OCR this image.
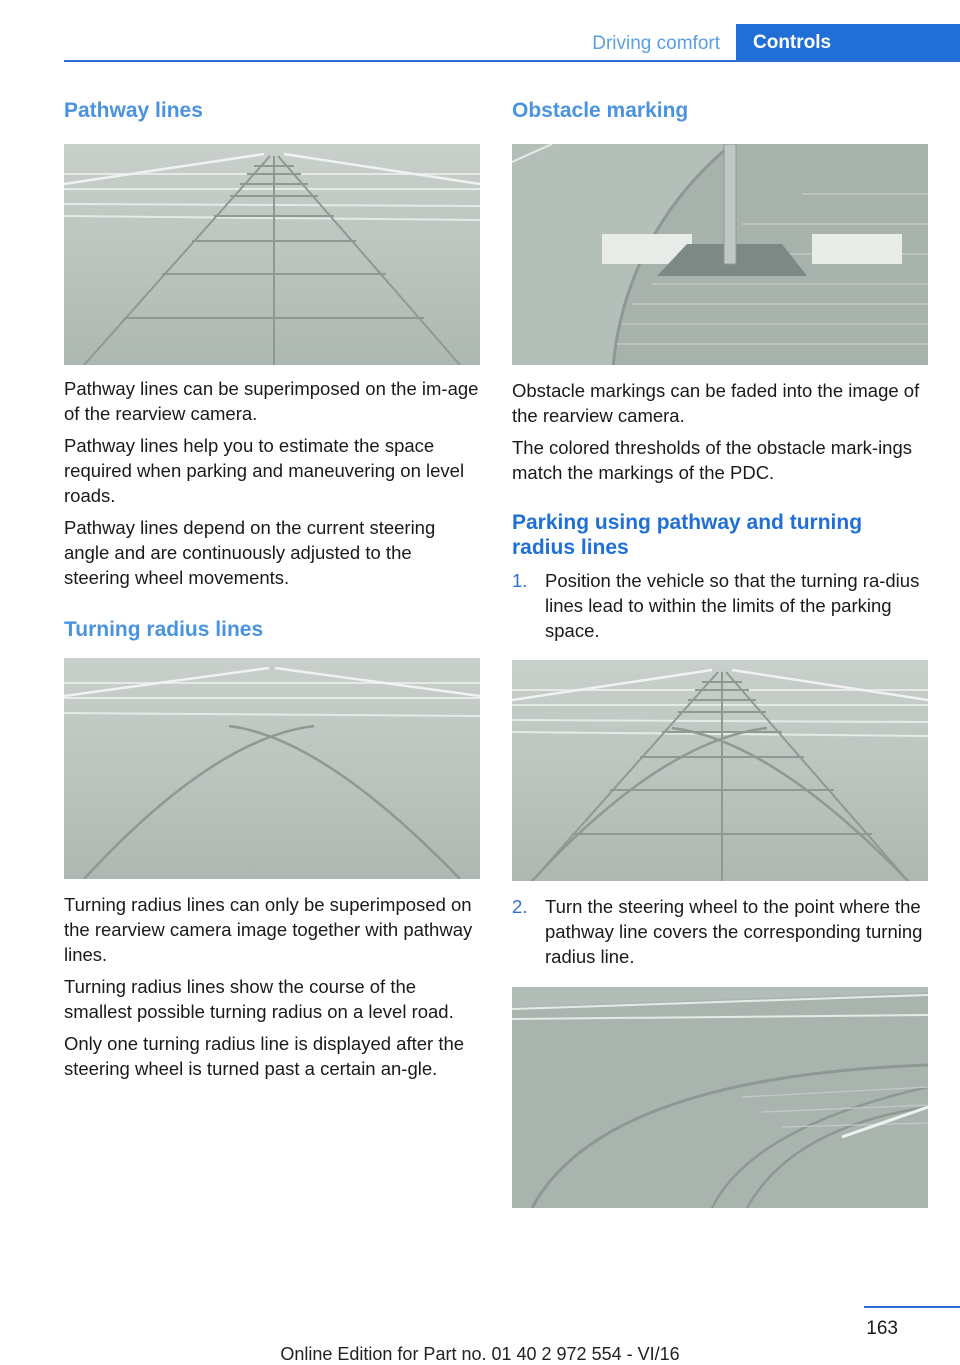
Driving comfort	Controls
Pathway lines

Pathway lines can be superimposed on the im‐age of the rearview camera.

Pathway lines help you to estimate the space required when parking and maneuvering on level roads.

Pathway lines depend on the current steering angle and are continuously adjusted to the steering wheel movements.

Turning radius lines

Turning radius lines can only be superimposed on the rearview camera image together with pathway lines.

Turning radius lines show the course of the smallest possible turning radius on a level road.

Only one turning radius line is displayed after the steering wheel is turned past a certain an‐gle.

Obstacle marking

Obstacle markings can be faded into the image of the rearview camera.

The colored thresholds of the obstacle mark‐ings match the markings of the PDC.

Parking using pathway and turning radius lines
1. Position the vehicle so that the turning ra‐dius lines lead to within the limits of the parking space.
2. Turn the steering wheel to the point where the pathway line covers the corresponding turning radius line.
163
Online Edition for Part no. 01 40 2 972 554 - VI/16
